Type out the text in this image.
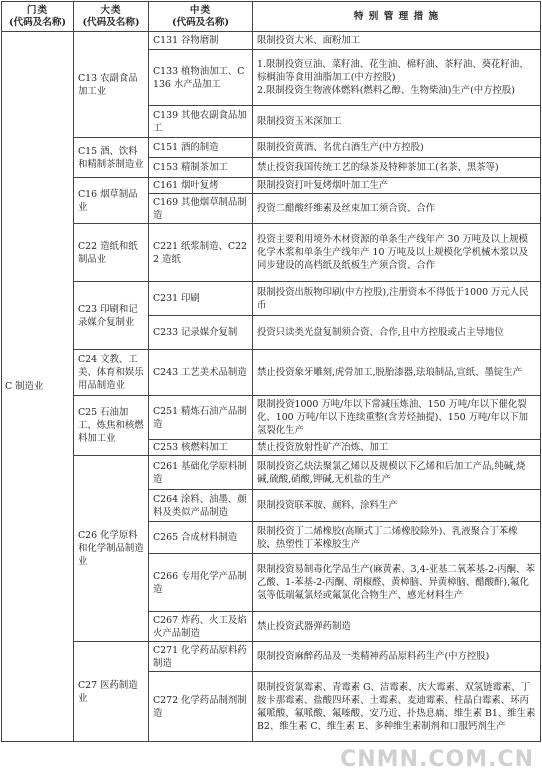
门类
(代码及名称)	大类
(代码及名称)	中类
(代码及名称)	特 别 管 理 措 施
C 制造业	C13 农副食品加工业	C131 谷物磨制	限制投资大米、面粉加工
		C133 植物油加工、C136 水产品加工	1.限制投资豆油、菜籽油、花生油、棉籽油、茶籽油、葵花籽油、棕榈油等食用油脂加工(中方控股)
2.限制投资生物液体燃料(燃料乙醇、生物柴油)生产(中方控股)
		C139 其他农副食品加工	限制投资玉米深加工
	C15 酒、饮料和精制茶制造业	C151 酒的制造	限制投资黄酒、名优白酒生产(中方控股)
		C153 精制茶加工	禁止投资我国传统工艺的绿茶及特种茶加工(名茶、黑茶等)
	C16 烟草制品业	C161 烟叶复烤	限制投资打叶复烤烟叶加工生产
		C169 其他烟草制品制造	投资二醋酸纤维素及丝束加工须合资、合作
	C22 造纸和纸制品业	C221 纸浆制造、C222 造纸	投资主要利用境外木材资源的单条生产线年产 30 万吨及以上规模化学木浆和单条生产线年产 10 万吨及以上规模化学机械木浆以及同步建设的高档纸及纸板生产须合资、合作
	C23 印刷和记录媒介复制业	C231 印刷	限制投资出版物印刷(中方控股),注册资本不得低于1000 万元人民币
		C233 记录媒介复制	投资只读类光盘复制须合资、合作,且中方控股或占主导地位
	C24 文教、工美、体育和娱乐用品制造业	C243 工艺美术品制造	禁止投资象牙雕刻,虎骨加工,脱胎漆器,珐琅制品,宣纸、墨锭生产
	C25 石油加工、炼焦和核燃料加工业	C251 精炼石油产品制造	限制投资1000 万吨/年以下常减压炼油、150 万吨/年以下催化裂化、100 万吨/年以下连续重整(含芳烃抽提)、150 万吨/年以下加氢裂化生产
		C253 核燃料加工	禁止投资放射性矿产冶炼、加工
	C26 化学原料和化学制品制造业	C261 基础化学原料制造	限制投资乙炔法聚氯乙烯以及规模以下乙烯和后加工产品,纯碱,烧碱,硫酸,硝酸,钾碱,无机盐的生产
		C264 涂料、油墨、颜料及类似产品制造	限制投资联苯胺、颜料、涂料生产
		C265 合成材料制造	限制投资丁二烯橡胶(高顺式丁二烯橡胶除外)、乳液聚合丁苯橡胶、热塑性丁苯橡胶生产
		C266 专用化学产品制造	限制投资易制毒化学品生产(麻黄素、3,4-亚基二氧苯基-2-丙酮、苯乙酸、1-苯基-2-丙酮、胡椒醛、黄樟脑、异黄樟脑、醋酸酐),氟化氢等低端氟氯烃或氟氯化合物生产、感光材料生产
		C267 炸药、火工及焰火产品制造	禁止投资武器弹药制造
	C27 医药制造业	C271 化学药品原料药制造	限制投资麻醉药品及一类精神药品原料药生产(中方控股)
		C272 化学药品制剂制造	限制投资氯霉素、青霉素 G、洁霉素、庆大霉素、双氢链霉素、丁胺卡那霉素、盐酸四环素、土霉素、麦迪霉素、柱晶白霉素、环丙氟哌酸、氟哌酸、氟嗪酸、安乃近、扑热息痛、维生素 B1、维生素 B2、维生素 C、维生素 E、多种维生素制剂和口服钙剂生产
CNMN.COM.CN
